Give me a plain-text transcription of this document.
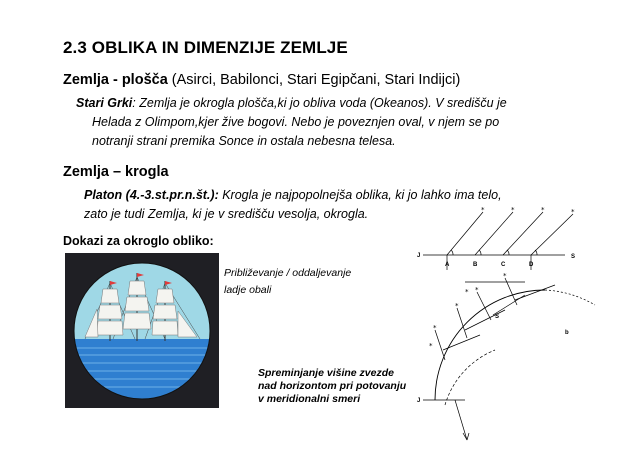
2.3 OBLIKA IN DIMENZIJE ZEMLJE
Zemlja - plošča (Asirci, Babilonci, Stari Egipčani, Stari Indijci)
Stari Grki: Zemlja je okrogla plošča,ki jo obliva voda (Okeanos). V središču je
Helada z Olimpom,kjer žive bogovi. Nebo je poveznjen oval, v njem se po
notranji strani premika Sonce in ostala nebesna telesa.
Zemlja – krogla
Platon (4.-3.st.pr.n.št.): Krogla je najpopolnejša oblika, ki jo lahko ima telo,
zato je tudi Zemlja, ki je v središču vesolja, okrogla.
Dokazi za okroglo obliko:
Približevanje / oddaljevanje
ladje obali
Spreminjanje višine zvezde
nad horizontom pri potovanju
v meridionalni smeri
*	*	*	*
*
*
*
*
*
*
J	S
A	B	C	D
S
b
J
